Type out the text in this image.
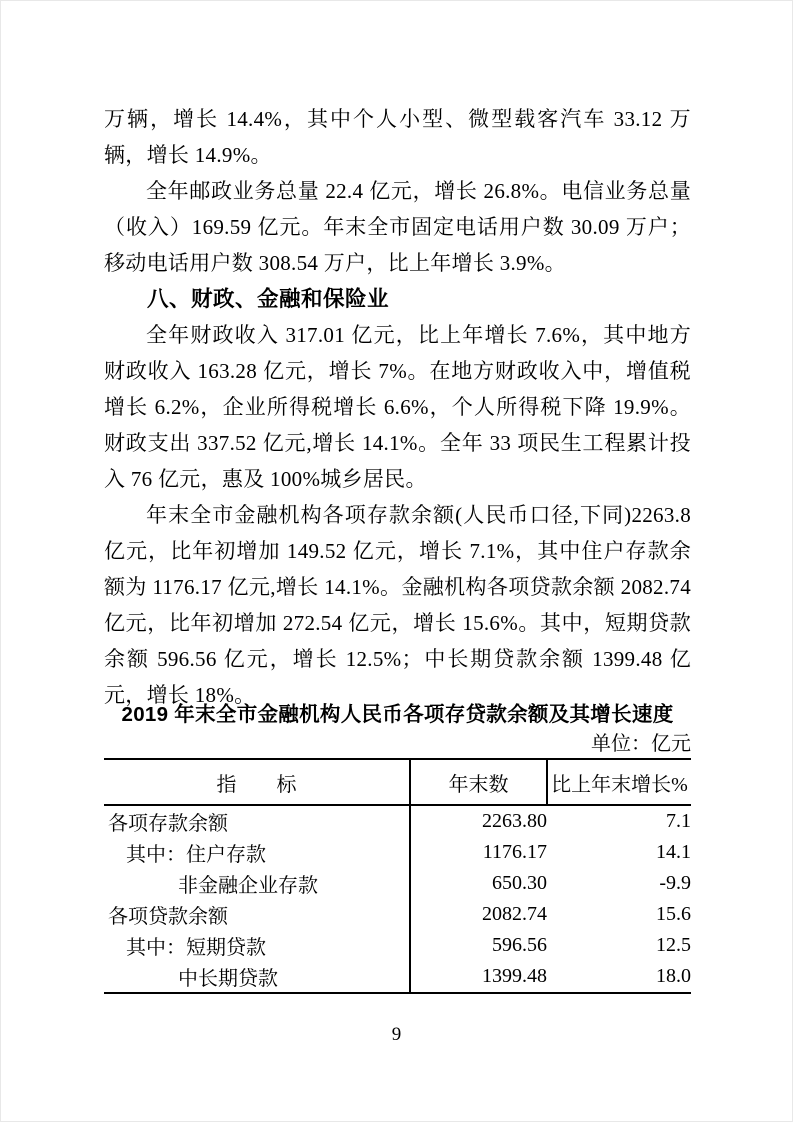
万辆，增长 14.4%，其中个人小型、微型载客汽车 33.12 万辆，增长 14.9%。

全年邮政业务总量 22.4 亿元，增长 26.8%。电信业务总量（收入）169.59 亿元。年末全市固定电话用户数 30.09 万户；移动电话用户数 308.54 万户，比上年增长 3.9%。

八、财政、金融和保险业

全年财政收入 317.01 亿元，比上年增长 7.6%，其中地方财政收入 163.28 亿元，增长 7%。在地方财政收入中，增值税增长 6.2%，企业所得税增长 6.6%，个人所得税下降 19.9%。财政支出 337.52 亿元,增长 14.1%。全年 33 项民生工程累计投入 76 亿元，惠及 100%城乡居民。

年末全市金融机构各项存款余额(人民币口径,下同)2263.8 亿元，比年初增加 149.52 亿元，增长 7.1%，其中住户存款余额为 1176.17 亿元,增长 14.1%。金融机构各项贷款余额 2082.74 亿元，比年初增加 272.54 亿元，增长 15.6%。其中，短期贷款余额 596.56 亿元，增长 12.5%；中长期贷款余额 1399.48 亿元，增长 18%。

2019 年末全市金融机构人民币各项存贷款余额及其增长速度
单位：亿元
指　　标	年末数	比上年末增长%
各项存款余额	2263.80	7.1
其中：住户存款	1176.17	14.1
非金融企业存款	650.30	-9.9
各项贷款余额	2082.74	15.6
其中：短期贷款	596.56	12.5
中长期贷款	1399.48	18.0
9
